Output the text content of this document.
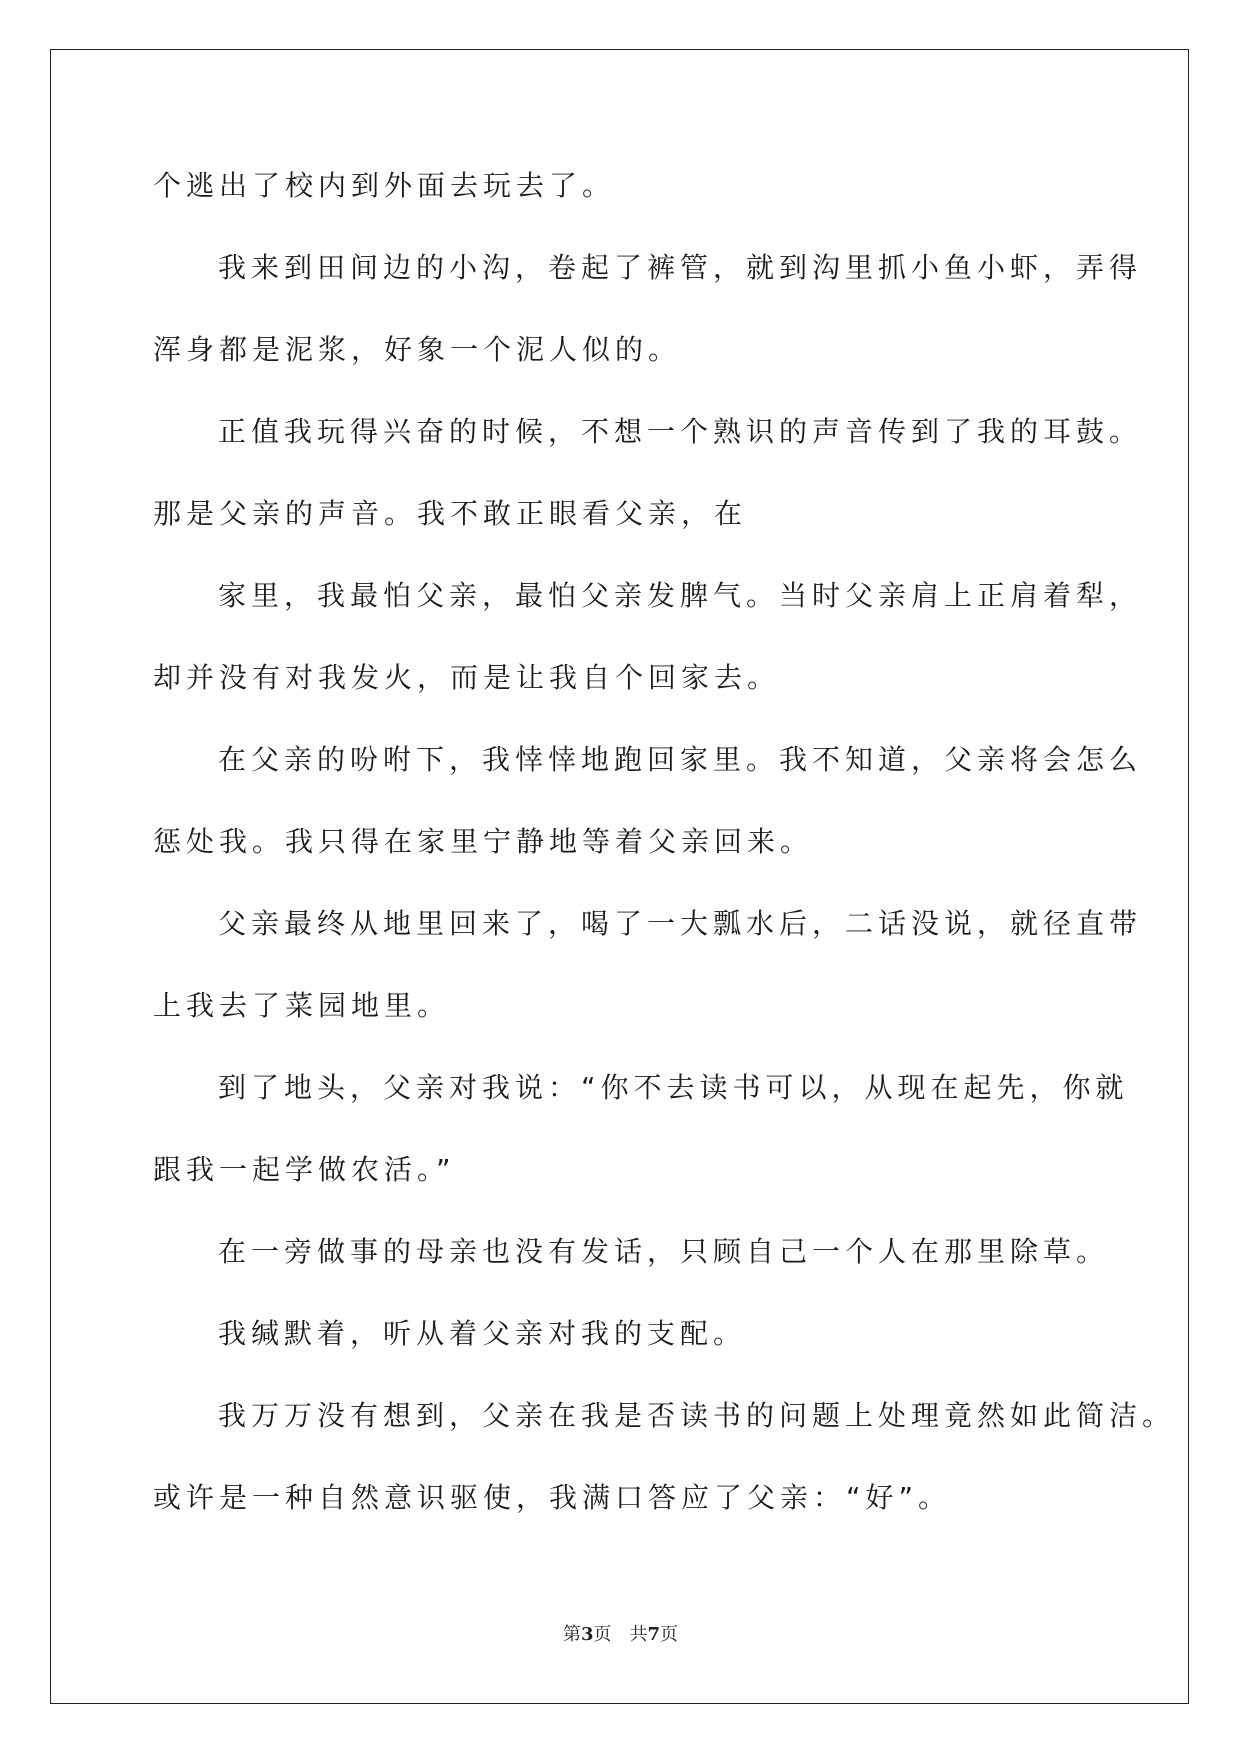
个逃出了校内到外面去玩去了。
我来到田间边的小沟，卷起了裤管，就到沟里抓小鱼小虾，弄得
浑身都是泥浆，好象一个泥人似的。
正值我玩得兴奋的时候，不想一个熟识的声音传到了我的耳鼓。
那是父亲的声音。我不敢正眼看父亲，在
家里，我最怕父亲，最怕父亲发脾气。当时父亲肩上正肩着犁，
却并没有对我发火，而是让我自个回家去。
在父亲的吩咐下，我悻悻地跑回家里。我不知道，父亲将会怎么
惩处我。我只得在家里宁静地等着父亲回来。
父亲最终从地里回来了，喝了一大瓢水后，二话没说，就径直带
上我去了菜园地里。
到了地头，父亲对我说：“你不去读书可以，从现在起先，你就
跟我一起学做农活。”
在一旁做事的母亲也没有发话，只顾自己一个人在那里除草。
我缄默着，听从着父亲对我的支配。
我万万没有想到，父亲在我是否读书的问题上处理竟然如此简洁。
或许是一种自然意识驱使，我满口答应了父亲：“好”。
第3页 共7页
